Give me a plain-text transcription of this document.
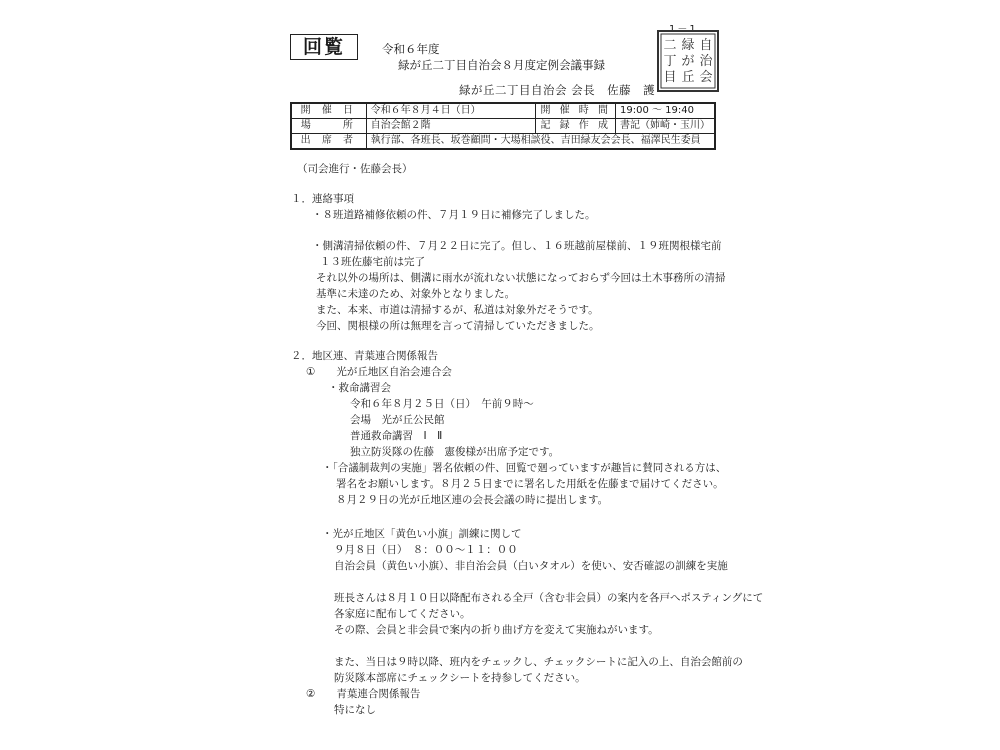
回覧	令和６年度
緑が丘二丁目自治会８月度定例会議事録
緑が丘二丁目自治会 会長　佐藤　護
1－1
自
治
会
緑
が
丘
二
丁
目
開 催 日	令和６年８月４日（日）	開 催 時 間	19:00 ～ 19:40
場　　所	自治会館２階	記 録 作 成	書記（姉崎・玉川）
出 席 者	執行部、各班長、坂巻顧問・大場相談役、吉田緑友会会長、福澤民生委員		
（司会進行・佐藤会長）
１．連絡事項
・８班道路補修依頼の件、７月１９日に補修完了しました。
・側溝清掃依頼の件、７月２２日に完了。但し、１６班越前屋様前、１９班関根様宅前
１３班佐藤宅前は完了
それ以外の場所は、側溝に雨水が流れない状態になっておらず今回は土木事務所の清掃
基準に未達のため、対象外となりました。
また、本来、市道は清掃するが、私道は対象外だそうです。
今回、関根様の所は無理を言って清掃していただきました。
２．地区連、青葉連合関係報告
①　　光が丘地区自治会連合会
・救命講習会
令和６年８月２５日（日）　午前９時～
会場　光が丘公民館
普通救命講習　Ⅰ　Ⅱ
独立防災隊の佐藤　憲俊様が出席予定です。
・「合議制裁判の実施」署名依頼の件、回覧で廻っていますが趣旨に賛同される方は、
署名をお願いします。８月２５日までに署名した用紙を佐藤まで届けてください。
８月２９日の光が丘地区連の会長会議の時に提出します。
・光が丘地区「黄色い小旗」訓練に関して
９月８日（日）　８：００～１１：００
自治会員（黄色い小旗）、非自治会員（白いタオル）を使い、安否確認の訓練を実施
班長さんは８月１０日以降配布される全戸（含む非会員）の案内を各戸へポスティングにて
各家庭に配布してください。
その際、会員と非会員で案内の折り曲げ方を変えて実施ねがいます。
また、当日は９時以降、班内をチェックし、チェックシートに記入の上、自治会館前の
防災隊本部席にチェックシートを持参してください。
②　　青葉連合関係報告
特になし
